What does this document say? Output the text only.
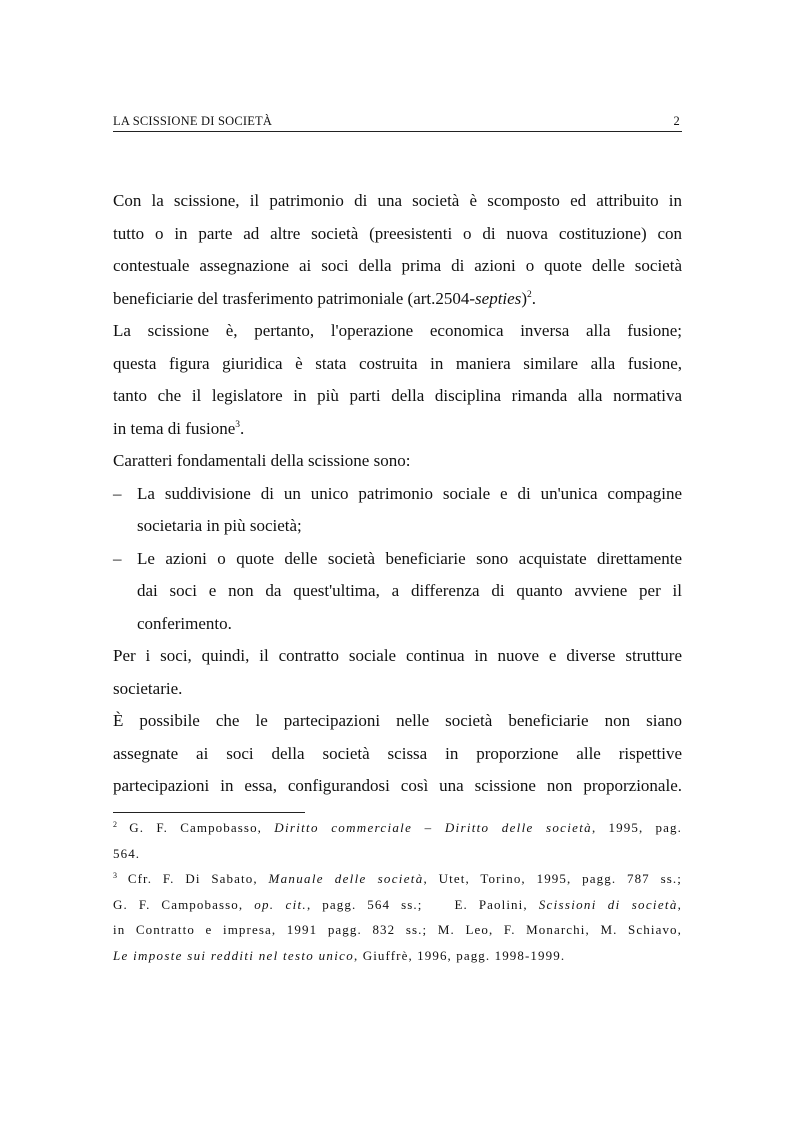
LA SCISSIONE DI SOCIETÀ	2

Con la scissione, il patrimonio di una società è scomposto ed attribuito in
tutto o in parte ad altre società (preesistenti o di nuova costituzione) con
contestuale assegnazione ai soci della prima di azioni o quote delle società
beneficiarie del trasferimento patrimoniale (art.2504-septies)$^2$.

La scissione è, pertanto, l'operazione economica inversa alla fusione;
questa figura giuridica è stata costruita in maniera similare alla fusione,
tanto che il legislatore in più parti della disciplina rimanda alla normativa
in tema di fusione$^3$.

Caratteri fondamentali della scissione sono:

– La suddivisione di un unico patrimonio sociale e di un'unica compagine
societaria in più società;
– Le azioni o quote delle società beneficiarie sono acquistate direttamente
dai soci e non da quest'ultima, a differenza di quanto avviene per il
conferimento.

Per i soci, quindi, il contratto sociale continua in nuove e diverse strutture
societarie.

È possibile che le partecipazioni nelle società beneficiarie non siano
assegnate ai soci della società scissa in proporzione alle rispettive
partecipazioni in essa, configurandosi così una scissione non proporzionale.

$^2$ G. F. Campobasso, Diritto commerciale – Diritto delle società, 1995, pag.
564.

$^3$ Cfr. F. Di Sabato, Manuale delle società, Utet, Torino, 1995, pagg. 787 ss.;
G. F. Campobasso, op. cit., pagg. 564 ss.; E. Paolini, Scissioni di società,
in Contratto e impresa, 1991 pagg. 832 ss.; M. Leo, F. Monarchi, M. Schiavo,
Le imposte sui redditi nel testo unico, Giuffrè, 1996, pagg. 1998-1999.
